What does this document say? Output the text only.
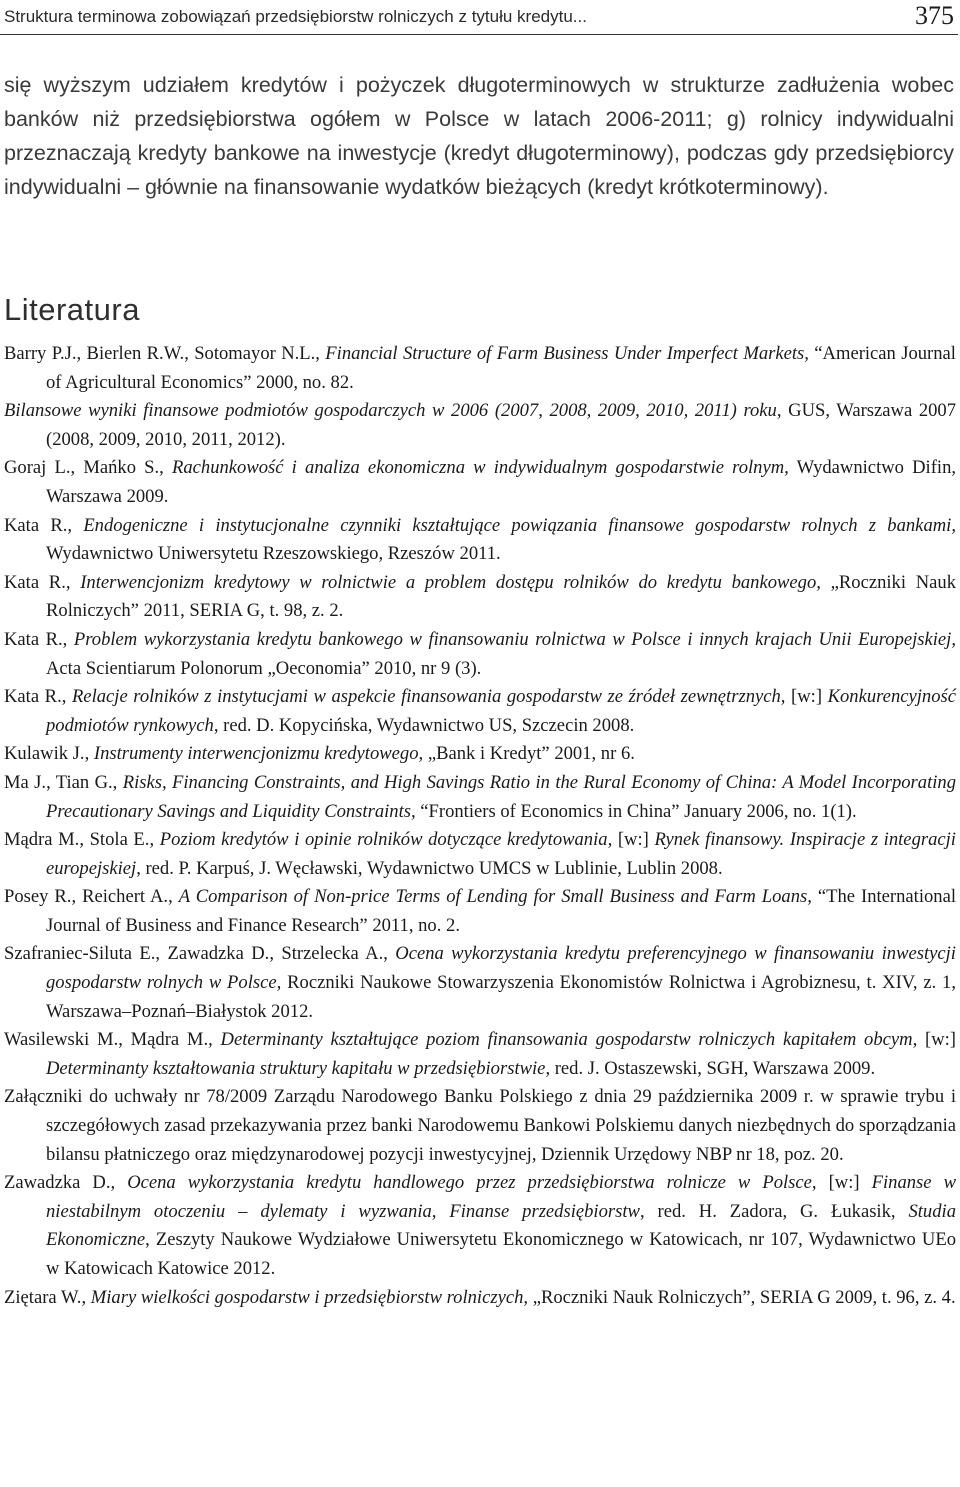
Struktura terminowa zobowiązań przedsiębiorstw rolniczych z tytułu kredytu...	375

się wyższym udziałem kredytów i pożyczek długoterminowych w strukturze zadłużenia wobec banków niż przedsiębiorstwa ogółem w Polsce w latach 2006-2011; g) rolnicy indywidualni przeznaczają kredyty bankowe na inwestycje (kredyt długoterminowy), podczas gdy przedsiębiorcy indywidualni – głównie na finansowanie wydatków bieżących (kredyt krótkoterminowy).

Literatura

Barry P.J., Bierlen R.W., Sotomayor N.L., Financial Structure of Farm Business Under Imperfect Markets, “American Journal of Agricultural Economics” 2000, no. 82.

Bilansowe wyniki finansowe podmiotów gospodarczych w 2006 (2007, 2008, 2009, 2010, 2011) roku, GUS, Warszawa 2007 (2008, 2009, 2010, 2011, 2012).

Goraj L., Mańko S., Rachunkowość i analiza ekonomiczna w indywidualnym gospodarstwie rolnym, Wydawnictwo Difin, Warszawa 2009.

Kata R., Endogeniczne i instytucjonalne czynniki kształtujące powiązania finansowe gospodarstw rolnych z bankami, Wydawnictwo Uniwersytetu Rzeszowskiego, Rzeszów 2011.

Kata R., Interwencjonizm kredytowy w rolnictwie a problem dostępu rolników do kredytu bankowego, „Roczniki Nauk Rolniczych” 2011, SERIA G, t. 98, z. 2.

Kata R., Problem wykorzystania kredytu bankowego w finansowaniu rolnictwa w Polsce i innych krajach Unii Europejskiej, Acta Scientiarum Polonorum „Oeconomia” 2010, nr 9 (3).

Kata R., Relacje rolników z instytucjami w aspekcie finansowania gospodarstw ze źródeł zewnętrznych, [w:] Konkurencyjność podmiotów rynkowych, red. D. Kopycińska, Wydawnictwo US, Szczecin 2008.

Kulawik J., Instrumenty interwencjonizmu kredytowego, „Bank i Kredyt” 2001, nr 6.

Ma J., Tian G., Risks, Financing Constraints, and High Savings Ratio in the Rural Economy of China: A Model Incorporating Precautionary Savings and Liquidity Constraints, “Frontiers of Economics in China” January 2006, no. 1(1).

Mądra M., Stola E., Poziom kredytów i opinie rolników dotyczące kredytowania, [w:] Rynek finansowy. Inspiracje z integracji europejskiej, red. P. Karpuś, J. Węcławski, Wydawnictwo UMCS w Lublinie, Lublin 2008.

Posey R., Reichert A., A Comparison of Non-price Terms of Lending for Small Business and Farm Loans, “The International Journal of Business and Finance Research” 2011, no. 2.

Szafraniec-Siluta E., Zawadzka D., Strzelecka A., Ocena wykorzystania kredytu preferencyjnego w finansowaniu inwestycji gospodarstw rolnych w Polsce, Roczniki Naukowe Stowarzyszenia Ekonomistów Rolnictwa i Agrobiznesu, t. XIV, z. 1, Warszawa–Poznań–Białystok 2012.

Wasilewski M., Mądra M., Determinanty kształtujące poziom finansowania gospodarstw rolniczych kapitałem obcym, [w:] Determinanty kształtowania struktury kapitału w przedsiębiorstwie, red. J. Ostaszewski, SGH, Warszawa 2009.

Załączniki do uchwały nr 78/2009 Zarządu Narodowego Banku Polskiego z dnia 29 października 2009 r. w sprawie trybu i szczegółowych zasad przekazywania przez banki Narodowemu Bankowi Polskiemu danych niezbędnych do sporządzania bilansu płatniczego oraz międzynarodowej pozycji inwestycyjnej, Dziennik Urzędowy NBP nr 18, poz. 20.

Zawadzka D., Ocena wykorzystania kredytu handlowego przez przedsiębiorstwa rolnicze w Polsce, [w:] Finanse w niestabilnym otoczeniu – dylematy i wyzwania, Finanse przedsiębiorstw, red. H. Zadora, G. Łukasik, Studia Ekonomiczne, Zeszyty Naukowe Wydziałowe Uniwersytetu Ekonomicznego w Katowicach, nr 107, Wydawnictwo UEo w Katowicach Katowice 2012.

Ziętara W., Miary wielkości gospodarstw i przedsiębiorstw rolniczych, „Roczniki Nauk Rolniczych”, SERIA G 2009, t. 96, z. 4.
